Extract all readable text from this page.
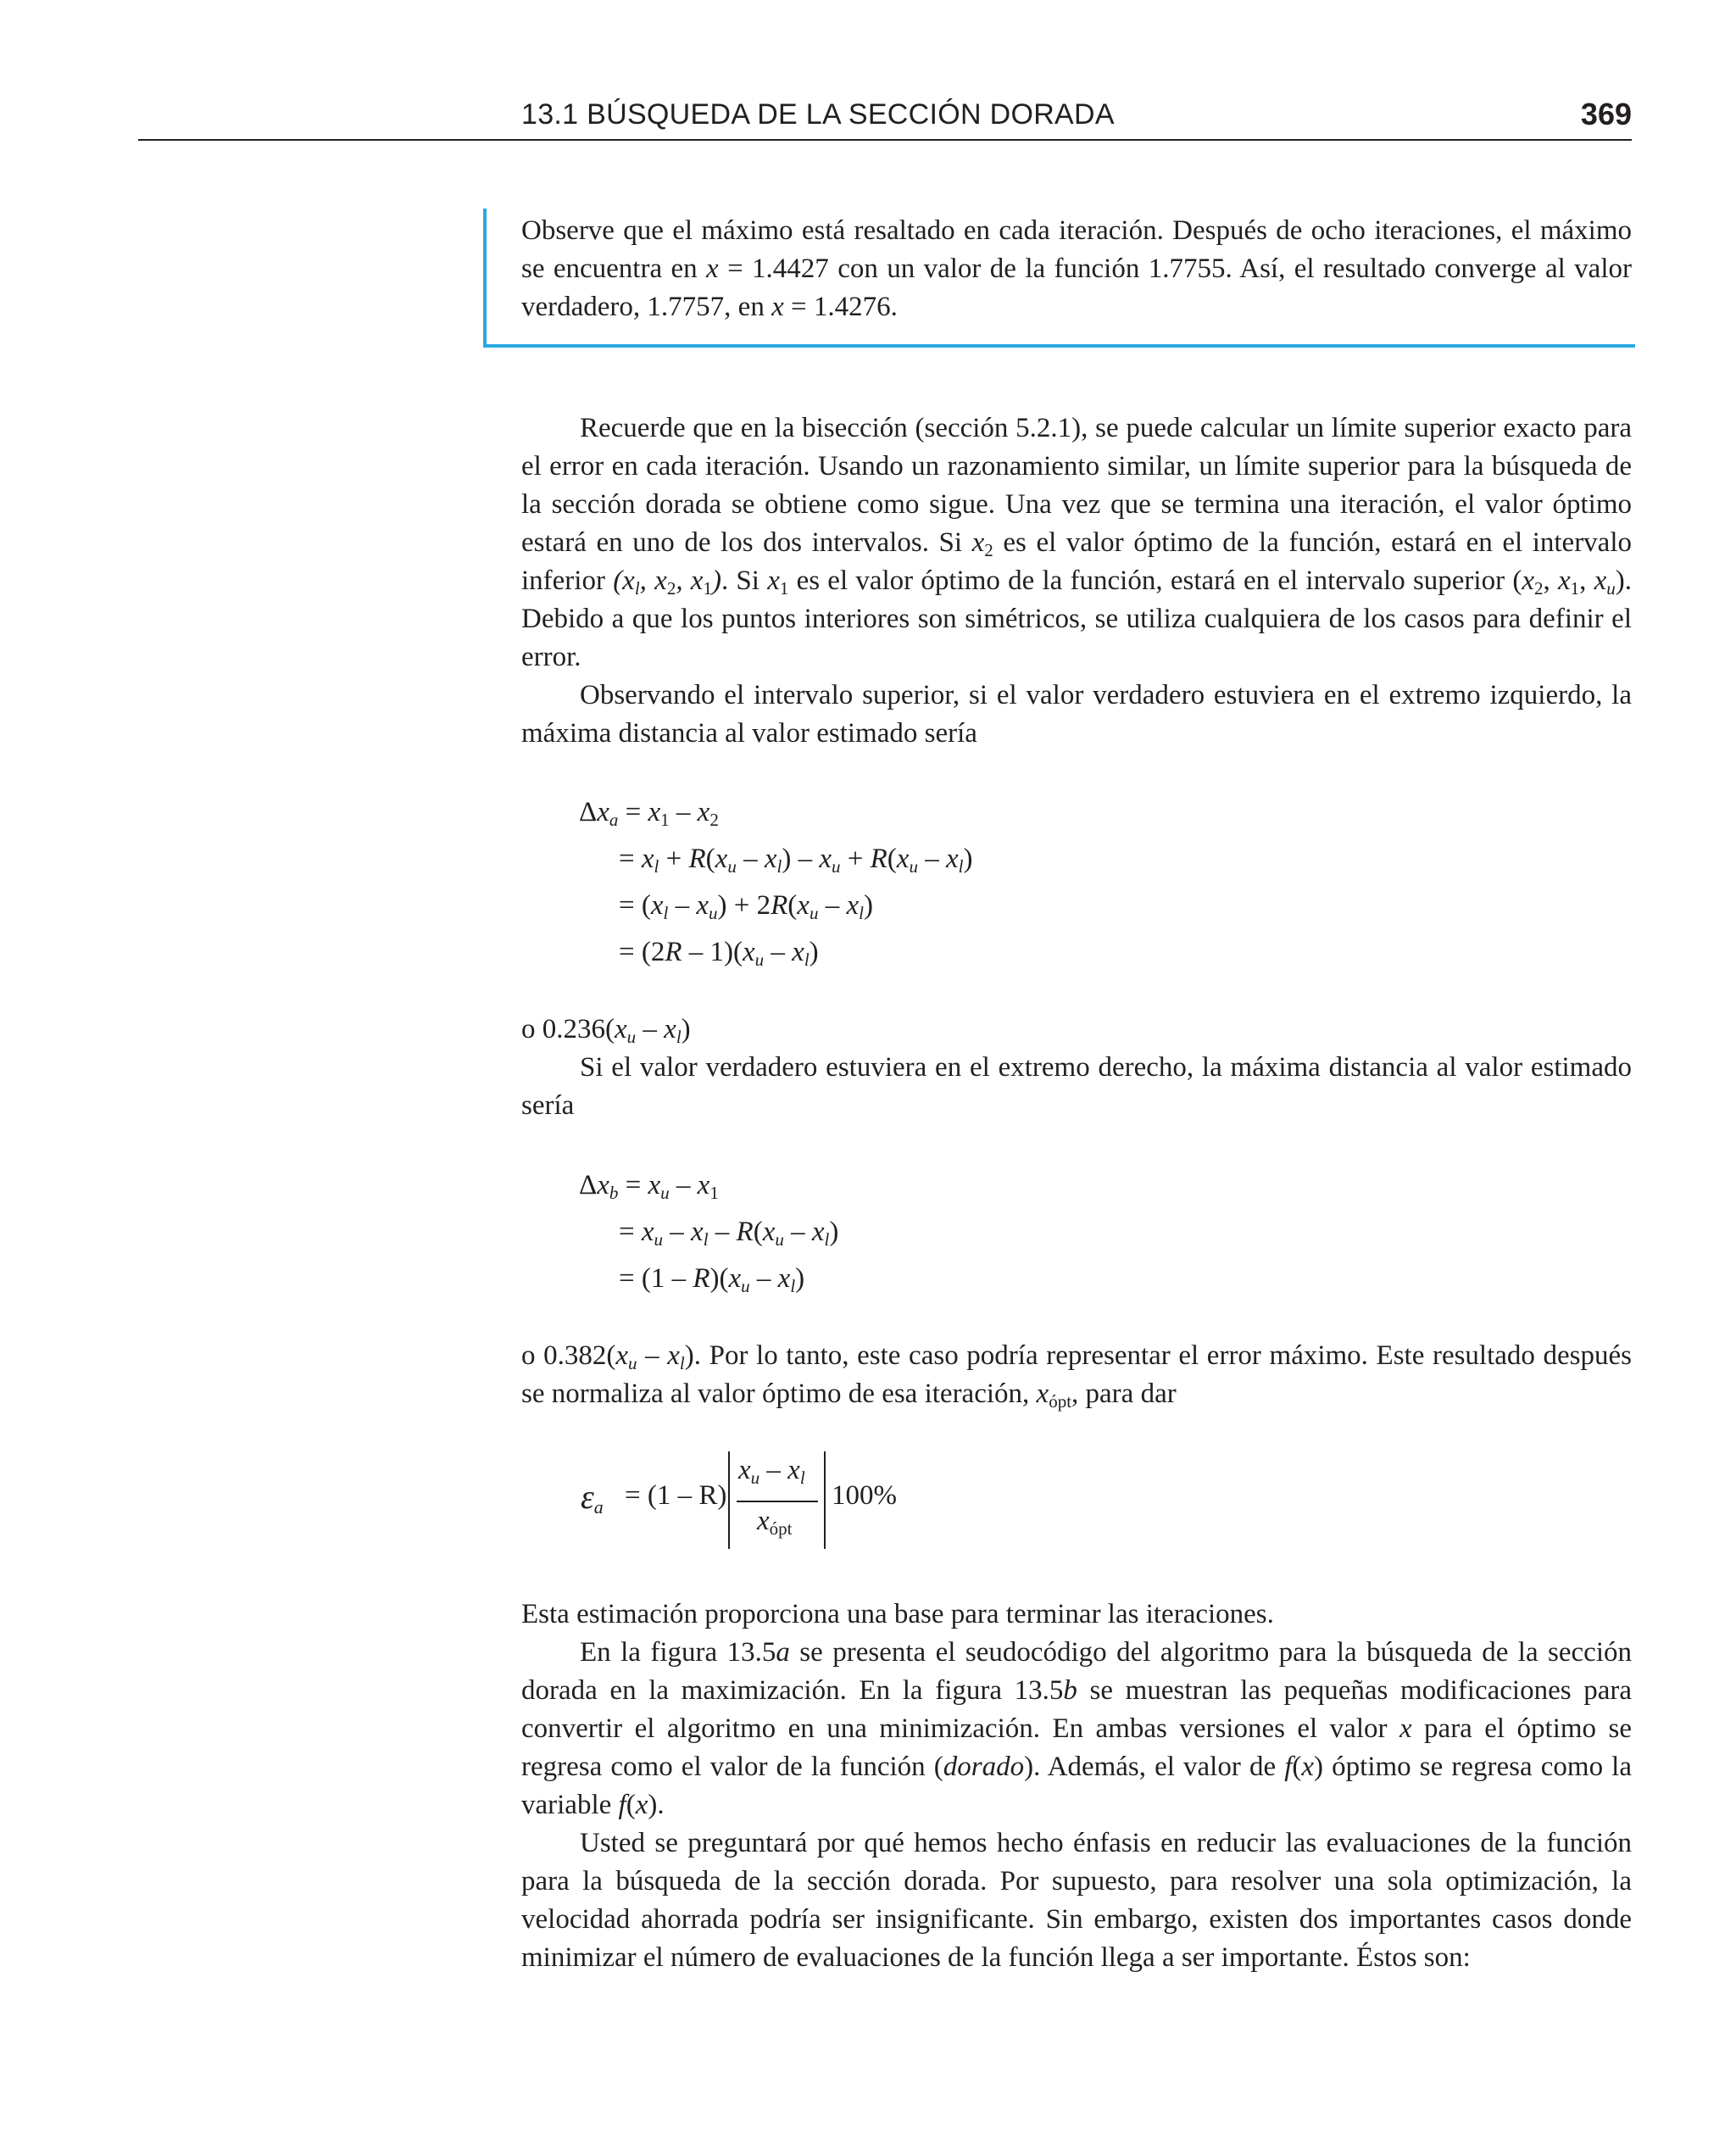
13.1 BÚSQUEDA DE LA SECCIÓN DORADA	369

Observe que el máximo está resaltado en cada iteración. Después de ocho iteraciones, el máximo se encuentra en x = 1.4427 con un valor de la función 1.7755. Así, el resultado converge al valor verdadero, 1.7757, en x = 1.4276.

Recuerde que en la bisección (sección 5.2.1), se puede calcular un límite superior exacto para el error en cada iteración. Usando un razonamiento similar, un límite superior para la búsqueda de la sección dorada se obtiene como sigue. Una vez que se termina una iteración, el valor óptimo estará en uno de los dos intervalos. Si $x_2$ es el valor óptimo de la función, estará en el intervalo inferior ($x_l$, $x_2$, $x_1$). Si $x_1$ es el valor óptimo de la función, estará en el intervalo superior ($x_2$, $x_1$, $x_u$). Debido a que los puntos interiores son simétricos, se utiliza cualquiera de los casos para definir el error.

Observando el intervalo superior, si el valor verdadero estuviera en el extremo izquierdo, la máxima distancia al valor estimado sería

$\Delta x_a = x_1 - x_2$
= $x_l + R(x_u - x_l) - x_u + R(x_u - x_l)$
= $(x_l - x_u) + 2R(x_u - x_l)$
= $(2R - 1)(x_u - x_l)$

o $0.236(x_u - x_l)$

Si el valor verdadero estuviera en el extremo derecho, la máxima distancia al valor estimado sería

$\Delta x_b = x_u - x_1$
= $x_u - x_l - R(x_u - x_l)$
= $(1 - R)(x_u - x_l)$

o $0.382(x_u - x_l)$. Por lo tanto, este caso podría representar el error máximo. Este resultado después se normaliza al valor óptimo de esa iteración, $x_{ópt}$, para dar

$\varepsilon_a = (1 - R)$
$x_u - x_l$
$x_{ópt}$
100%

Esta estimación proporciona una base para terminar las iteraciones.

En la figura 13.5a se presenta el seudocódigo del algoritmo para la búsqueda de la sección dorada en la maximización. En la figura 13.5b se muestran las pequeñas modificaciones para convertir el algoritmo en una minimización. En ambas versiones el valor x para el óptimo se regresa como el valor de la función (dorado). Además, el valor de f(x) óptimo se regresa como la variable f(x).

Usted se preguntará por qué hemos hecho énfasis en reducir las evaluaciones de la función para la búsqueda de la sección dorada. Por supuesto, para resolver una sola optimización, la velocidad ahorrada podría ser insignificante. Sin embargo, existen dos importantes casos donde minimizar el número de evaluaciones de la función llega a ser importante. Éstos son:
